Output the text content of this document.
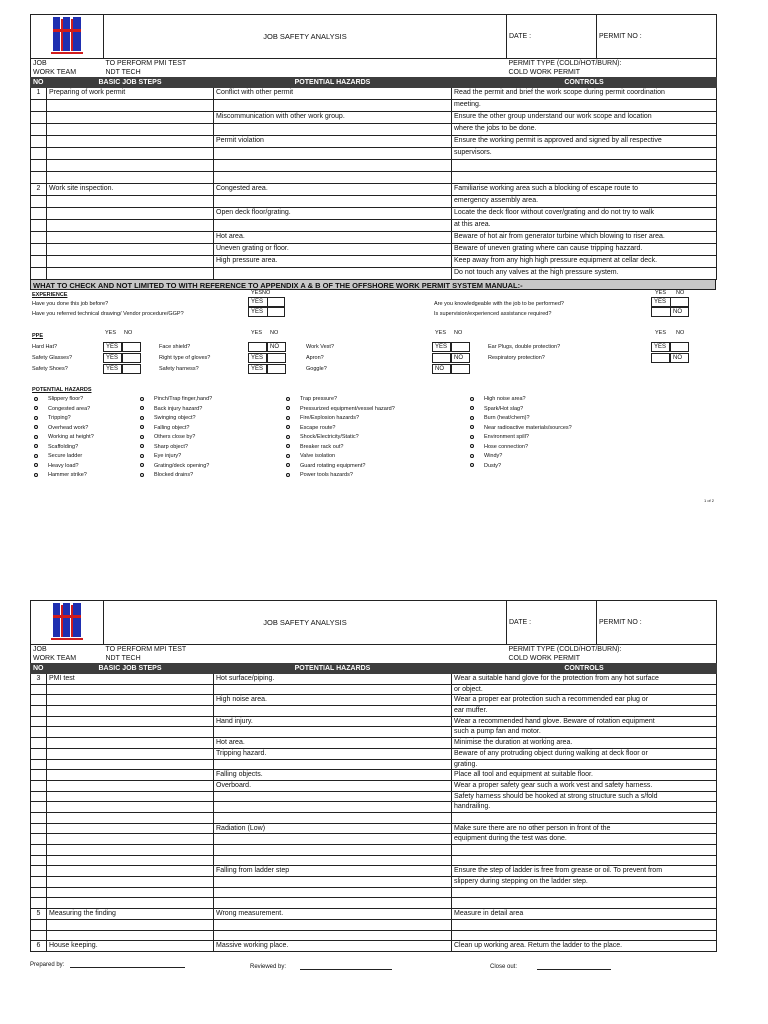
	JOB SAFETY ANALYSIS	DATE :	PERMIT NO :

JOB	TO PERFORM PMI TEST	PERMIT TYPE (COLD/HOT/BURN):
WORK TEAM	NDT TECH	COLD WORK PERMIT
NO	BASIC JOB STEPS	POTENTIAL HAZARDS	CONTROLS
1	Preparing of work permit	Conflict with other permit	Read the permit and brief the work scope during permit coordination
			meeting.
		Miscommunication with other work group.	Ensure the other group understand our work scope and location
			where the jobs to be done.
		Permit violation	Ensure the working permit is approved and signed by all respective
			supervisors.

2	Work site inspection.	Congested area.	Familiarise working area such a blocking of escape route to
			emergency assembly area.
		Open deck floor/grating.	Locate the deck floor without cover/grating and do not try to walk
			at this area.
		Hot area.	Beware of hot air from generator turbine which blowing to riser area.
		Uneven grating or floor.	Beware of uneven grating where can cause tripping hazzard.
		High pressure area.	Keep away from any high high pressure equipment at cellar deck.
			Do not touch any valves at the high pressure system.
WHAT TO CHECK AND NOT LIMITED TO WITH REFERENCE TO APPENDIX A & B OF THE OFFSHORE WORK PERMIT SYSTEM MANUAL:-
EXPERIENCE	YES NO
Have you done this job before?	YES
Have you referred technical drawing/ Vendor procedure/GGP?	YES
YES NO
Are you knowledgeable with the job to be performed?	YES
Is supervision/experienced assistance required?	NO
PPE	YES NO	YES NO	YES NO	YES NO
Hard Hat?	YES
Safety Glasses?	YES
Safety Shoes?	YES
Face shield?	NO
Right type of gloves?	YES
Safety harness?	YES
Work Vest?	YES
Apron?	NO
Goggle?	NO
Ear Plugs, double protection?	YES
Respiratory protection?	NO
POTENTIAL HAZARDS
Slippery floor?
Congested area?
Tripping?
Overhead work?
Working at height?
Scaffolding?
Secure ladder
Heavy load?
Hammer strike?
Pinch/Trap finger,hand?
Back injury hazard?
Swinging object?
Falling object?
Others close by?
Sharp object?
Eye injury?
Grating/deck opening?
Blocked drains?
Trap pressure?
Pressurized equipment/vessel hazard?
Fire/Explosion hazards?
Escape route?
Shock/Electricity/Static?
Breaker rack out?
Valve isolation
Guard rotating equipment?
Power tools hazards?
High noise area?
Spark/Hot slag?
Burn (heat/chem)?
Near radioactive materials/sources?
Environment spill?
Hose connection?
Windy?
Dusty?
1 of 2
	JOB SAFETY ANALYSIS	DATE :	PERMIT NO :

JOB	TO PERFORM MPI TEST	PERMIT TYPE (COLD/HOT/BURN):
WORK TEAM	NDT TECH	COLD WORK PERMIT
NO	BASIC JOB STEPS	POTENTIAL HAZARDS	CONTROLS
3	PMI test	Hot surface/piping.	Wear a suitable hand glove for the protection from any hot surface
			or object.
		High noise area.	Wear a proper ear protection such a recommended ear plug or
			ear muffer.
		Hand injury.	Wear a recommended hand glove. Beware of rotation equipment
			such a pump fan and motor.
		Hot area.	Minimise the duration at working area.
		Tripping hazard.	Beware of any protruding object during walking at deck floor or
			grating.
		Falling objects.	Place all tool and equipment at suitable floor.
		Overboard.	Wear a proper safety gear such a work vest and safety harness.
			Safety harness should be hooked at strong structure such a s/fold
			handrailing.

		Radiation (Low)	Make sure there are no other person in front of the
			equipment during the test was done.

		Falling from ladder step	Ensure the step of ladder is free from grease or oil. To prevent from
			slippery during stepping on the ladder step.

5	Measuring the finding	Wrong measurement.	Measure in detail area

6	House keeping.	Massive working place.	Clean up working area. Return the ladder to the place.
Prepared by:	Reviewed by:	Close out:
